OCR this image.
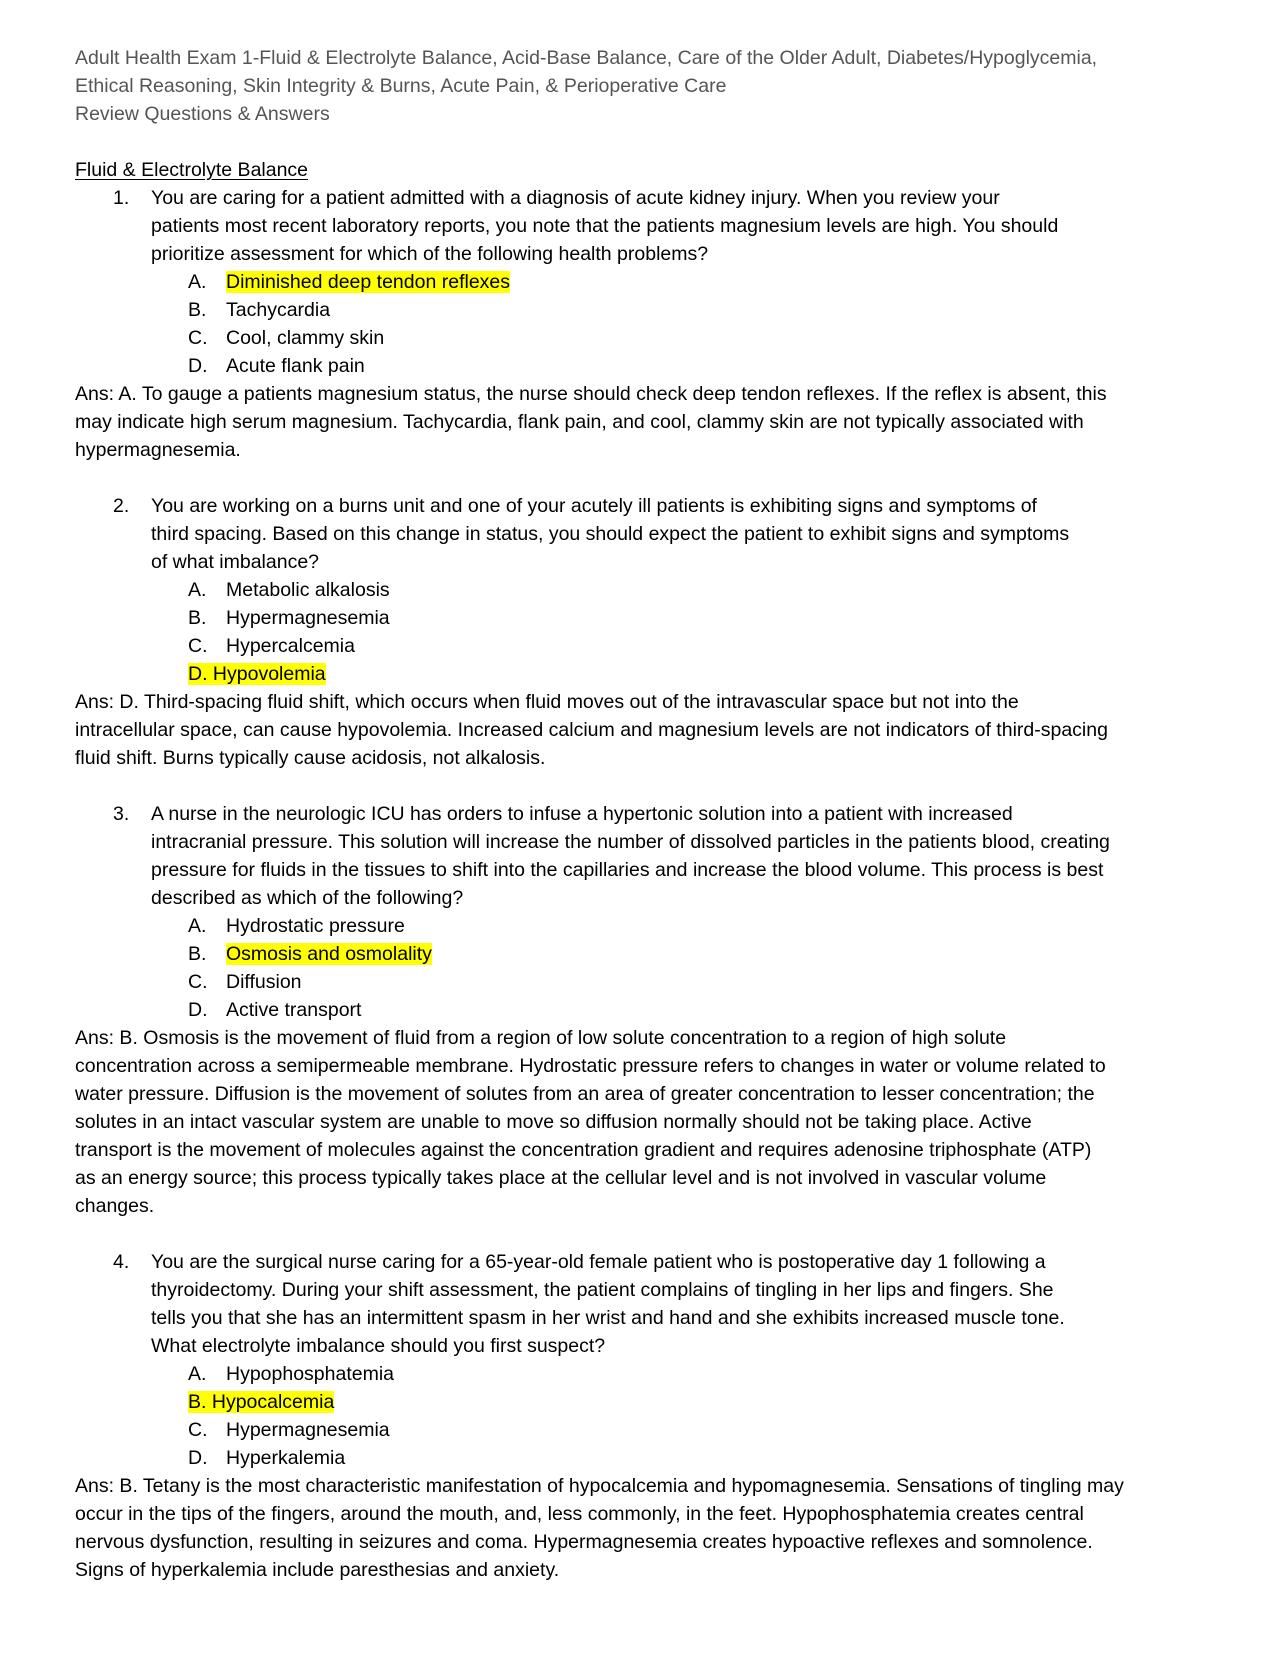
Adult Health Exam 1-Fluid & Electrolyte Balance, Acid-Base Balance, Care of the Older Adult, Diabetes/Hypoglycemia,
Ethical Reasoning, Skin Integrity & Burns, Acute Pain, & Perioperative Care
Review Questions & Answers
Fluid & Electrolyte Balance
1. You are caring for a patient admitted with a diagnosis of acute kidney injury. When you review your
patients most recent laboratory reports, you note that the patients magnesium levels are high. You should
prioritize assessment for which of the following health problems?
A. Diminished deep tendon reflexes
B. Tachycardia
C. Cool, clammy skin
D. Acute flank pain
Ans: A. To gauge a patients magnesium status, the nurse should check deep tendon reflexes. If the reflex is absent, this
may indicate high serum magnesium. Tachycardia, flank pain, and cool, clammy skin are not typically associated with
hypermagnesemia.
2. You are working on a burns unit and one of your acutely ill patients is exhibiting signs and symptoms of
third spacing. Based on this change in status, you should expect the patient to exhibit signs and symptoms
of what imbalance?
A. Metabolic alkalosis
B. Hypermagnesemia
C. Hypercalcemia
D. Hypovolemia
Ans: D. Third-spacing fluid shift, which occurs when fluid moves out of the intravascular space but not into the
intracellular space, can cause hypovolemia. Increased calcium and magnesium levels are not indicators of third-spacing
fluid shift. Burns typically cause acidosis, not alkalosis.
3. A nurse in the neurologic ICU has orders to infuse a hypertonic solution into a patient with increased
intracranial pressure. This solution will increase the number of dissolved particles in the patients blood, creating
pressure for fluids in the tissues to shift into the capillaries and increase the blood volume. This process is best
described as which of the following?
A. Hydrostatic pressure
B. Osmosis and osmolality
C. Diffusion
D. Active transport
Ans: B. Osmosis is the movement of fluid from a region of low solute concentration to a region of high solute
concentration across a semipermeable membrane. Hydrostatic pressure refers to changes in water or volume related to
water pressure. Diffusion is the movement of solutes from an area of greater concentration to lesser concentration; the
solutes in an intact vascular system are unable to move so diffusion normally should not be taking place. Active
transport is the movement of molecules against the concentration gradient and requires adenosine triphosphate (ATP)
as an energy source; this process typically takes place at the cellular level and is not involved in vascular volume
changes.
4. You are the surgical nurse caring for a 65-year-old female patient who is postoperative day 1 following a
thyroidectomy. During your shift assessment, the patient complains of tingling in her lips and fingers. She
tells you that she has an intermittent spasm in her wrist and hand and she exhibits increased muscle tone.
What electrolyte imbalance should you first suspect?
A. Hypophosphatemia
B. Hypocalcemia
C. Hypermagnesemia
D. Hyperkalemia
Ans: B. Tetany is the most characteristic manifestation of hypocalcemia and hypomagnesemia. Sensations of tingling may
occur in the tips of the fingers, around the mouth, and, less commonly, in the feet. Hypophosphatemia creates central
nervous dysfunction, resulting in seizures and coma. Hypermagnesemia creates hypoactive reflexes and somnolence.
Signs of hyperkalemia include paresthesias and anxiety.
